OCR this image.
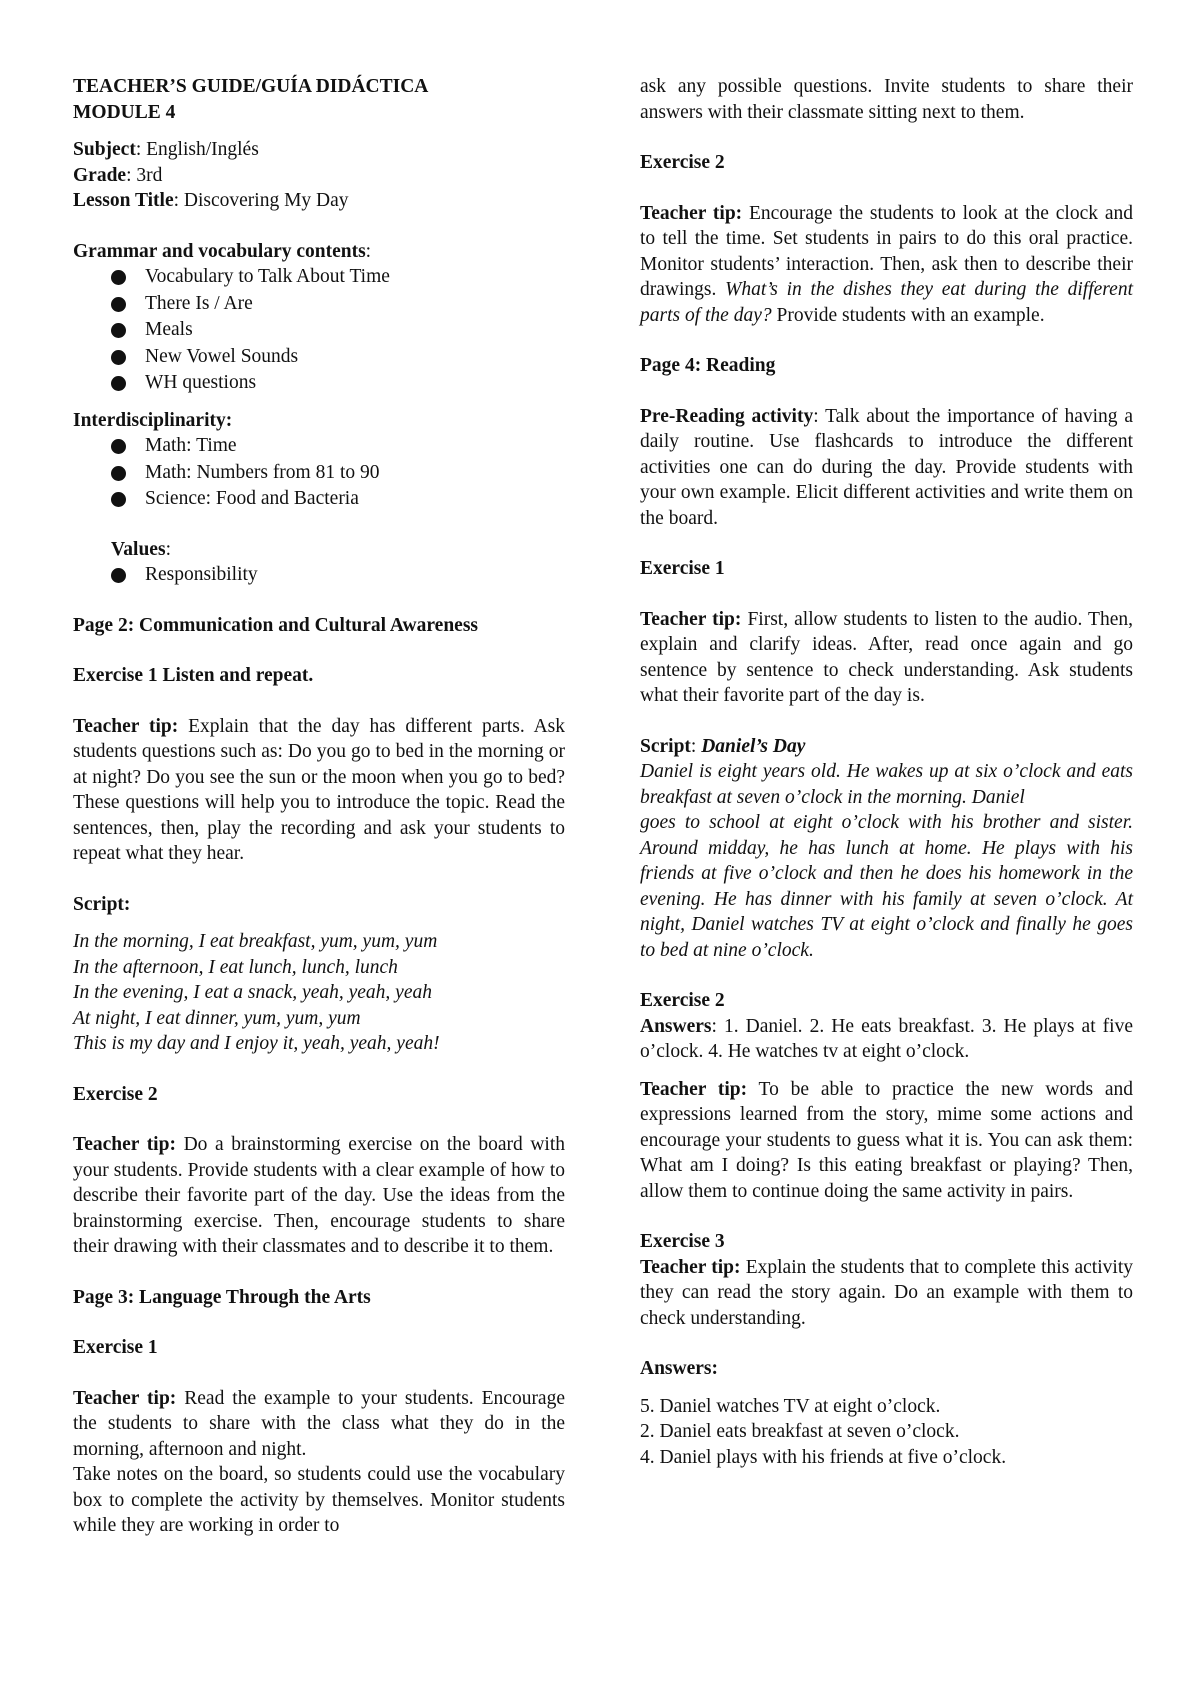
TEACHER’S GUIDE/GUÍA DIDÁCTICA

MODULE 4

Subject: English/Inglés

Grade: 3rd

Lesson Title: Discovering My Day

Grammar and vocabulary contents:

Vocabulary to Talk About Time
There Is / Are
Meals
New Vowel Sounds
WH questions

Interdisciplinarity:

Math: Time
Math: Numbers from 81 to 90
Science: Food and Bacteria

Values:

Responsibility

Page 2: Communication and Cultural Awareness

Exercise 1 Listen and repeat.

Teacher tip: Explain that the day has different parts. Ask students questions such as: Do you go to bed in the morning or at night? Do you see the sun or the moon when you go to bed? These questions will help you to introduce the topic. Read the sentences, then, play the recording and ask your students to repeat what they hear.

Script:

In the morning, I eat breakfast, yum, yum, yum

In the afternoon, I eat lunch, lunch, lunch

In the evening, I eat a snack, yeah, yeah, yeah

At night, I eat dinner, yum, yum, yum

This is my day and I enjoy it, yeah, yeah, yeah!

Exercise 2

Teacher tip: Do a brainstorming exercise on the board with your students. Provide students with a clear example of how to describe their favorite part of the day. Use the ideas from the brainstorming exercise. Then, encourage students to share their drawing with their classmates and to describe it to them.

Page 3: Language Through the Arts

Exercise 1

Teacher tip: Read the example to your students. Encourage the students to share with the class what they do in the morning, afternoon and night.

Take notes on the board, so students could use the vocabulary box to complete the activity by themselves. Monitor students while they are working in order to

ask any possible questions. Invite students to share their answers with their classmate sitting next to them.

Exercise 2

Teacher tip: Encourage the students to look at the clock and to tell the time. Set students in pairs to do this oral practice. Monitor students’ interaction. Then, ask then to describe their drawings. What’s in the dishes they eat during the different parts of the day? Provide students with an example.

Page 4: Reading

Pre-Reading activity: Talk about the importance of having a daily routine. Use flashcards to introduce the different activities one can do during the day. Provide students with your own example. Elicit different activities and write them on the board.

Exercise 1

Teacher tip: First, allow students to listen to the audio. Then, explain and clarify ideas. After, read once again and go sentence by sentence to check understanding. Ask students what their favorite part of the day is.

Script: Daniel’s Day

Daniel is eight years old. He wakes up at six o’clock and eats breakfast at seven o’clock in the morning. Daniel

goes to school at eight o’clock with his brother and sister. Around midday, he has lunch at home. He plays with his friends at five o’clock and then he does his homework in the evening. He has dinner with his family at seven o’clock. At night, Daniel watches TV at eight o’clock and finally he goes to bed at nine o’clock.

Exercise 2

Answers: 1. Daniel. 2. He eats breakfast. 3. He plays at five o’clock. 4. He watches tv at eight o’clock.

Teacher tip: To be able to practice the new words and expressions learned from the story, mime some actions and encourage your students to guess what it is. You can ask them: What am I doing? Is this eating breakfast or playing? Then, allow them to continue doing the same activity in pairs.

Exercise 3

Teacher tip: Explain the students that to complete this activity they can read the story again. Do an example with them to check understanding.

Answers:

5. Daniel watches TV at eight o’clock.

2. Daniel eats breakfast at seven o’clock.

4. Daniel plays with his friends at five o’clock.
